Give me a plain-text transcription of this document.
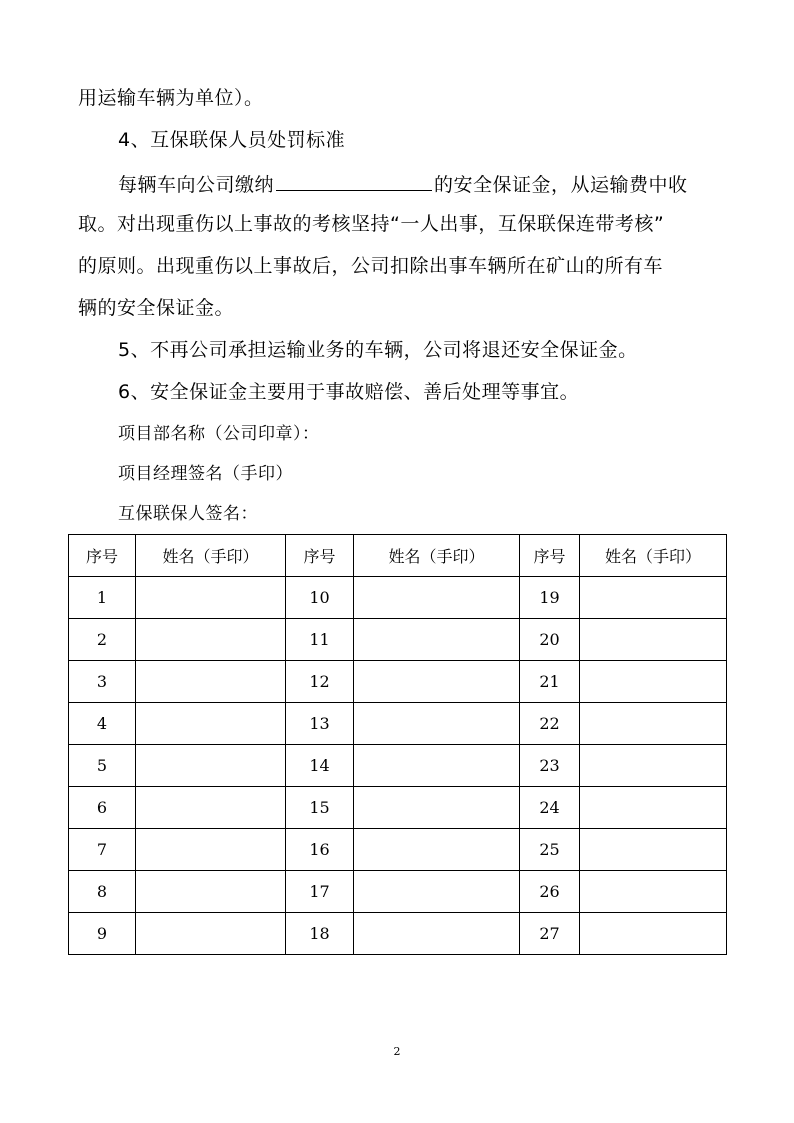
用运输车辆为单位）。
4、互保联保人员处罚标准
每辆车向公司缴纳	的安全保证金，从运输费中收
取。对出现重伤以上事故的考核坚持“一人出事，互保联保连带考核”
的原则。出现重伤以上事故后，公司扣除出事车辆所在矿山的所有车
辆的安全保证金。
5、不再公司承担运输业务的车辆，公司将退还安全保证金。
6、安全保证金主要用于事故赔偿、善后处理等事宜。
项目部名称（公司印章）：
项目经理签名（手印）
互保联保人签名：
序号	姓名（手印）	序号	姓名（手印）	序号	姓名（手印）
1		10		19	
2		11		20	
3		12		21	
4		13		22	
5		14		23	
6		15		24	
7		16		25	
8		17		26	
9		18		27	
2
